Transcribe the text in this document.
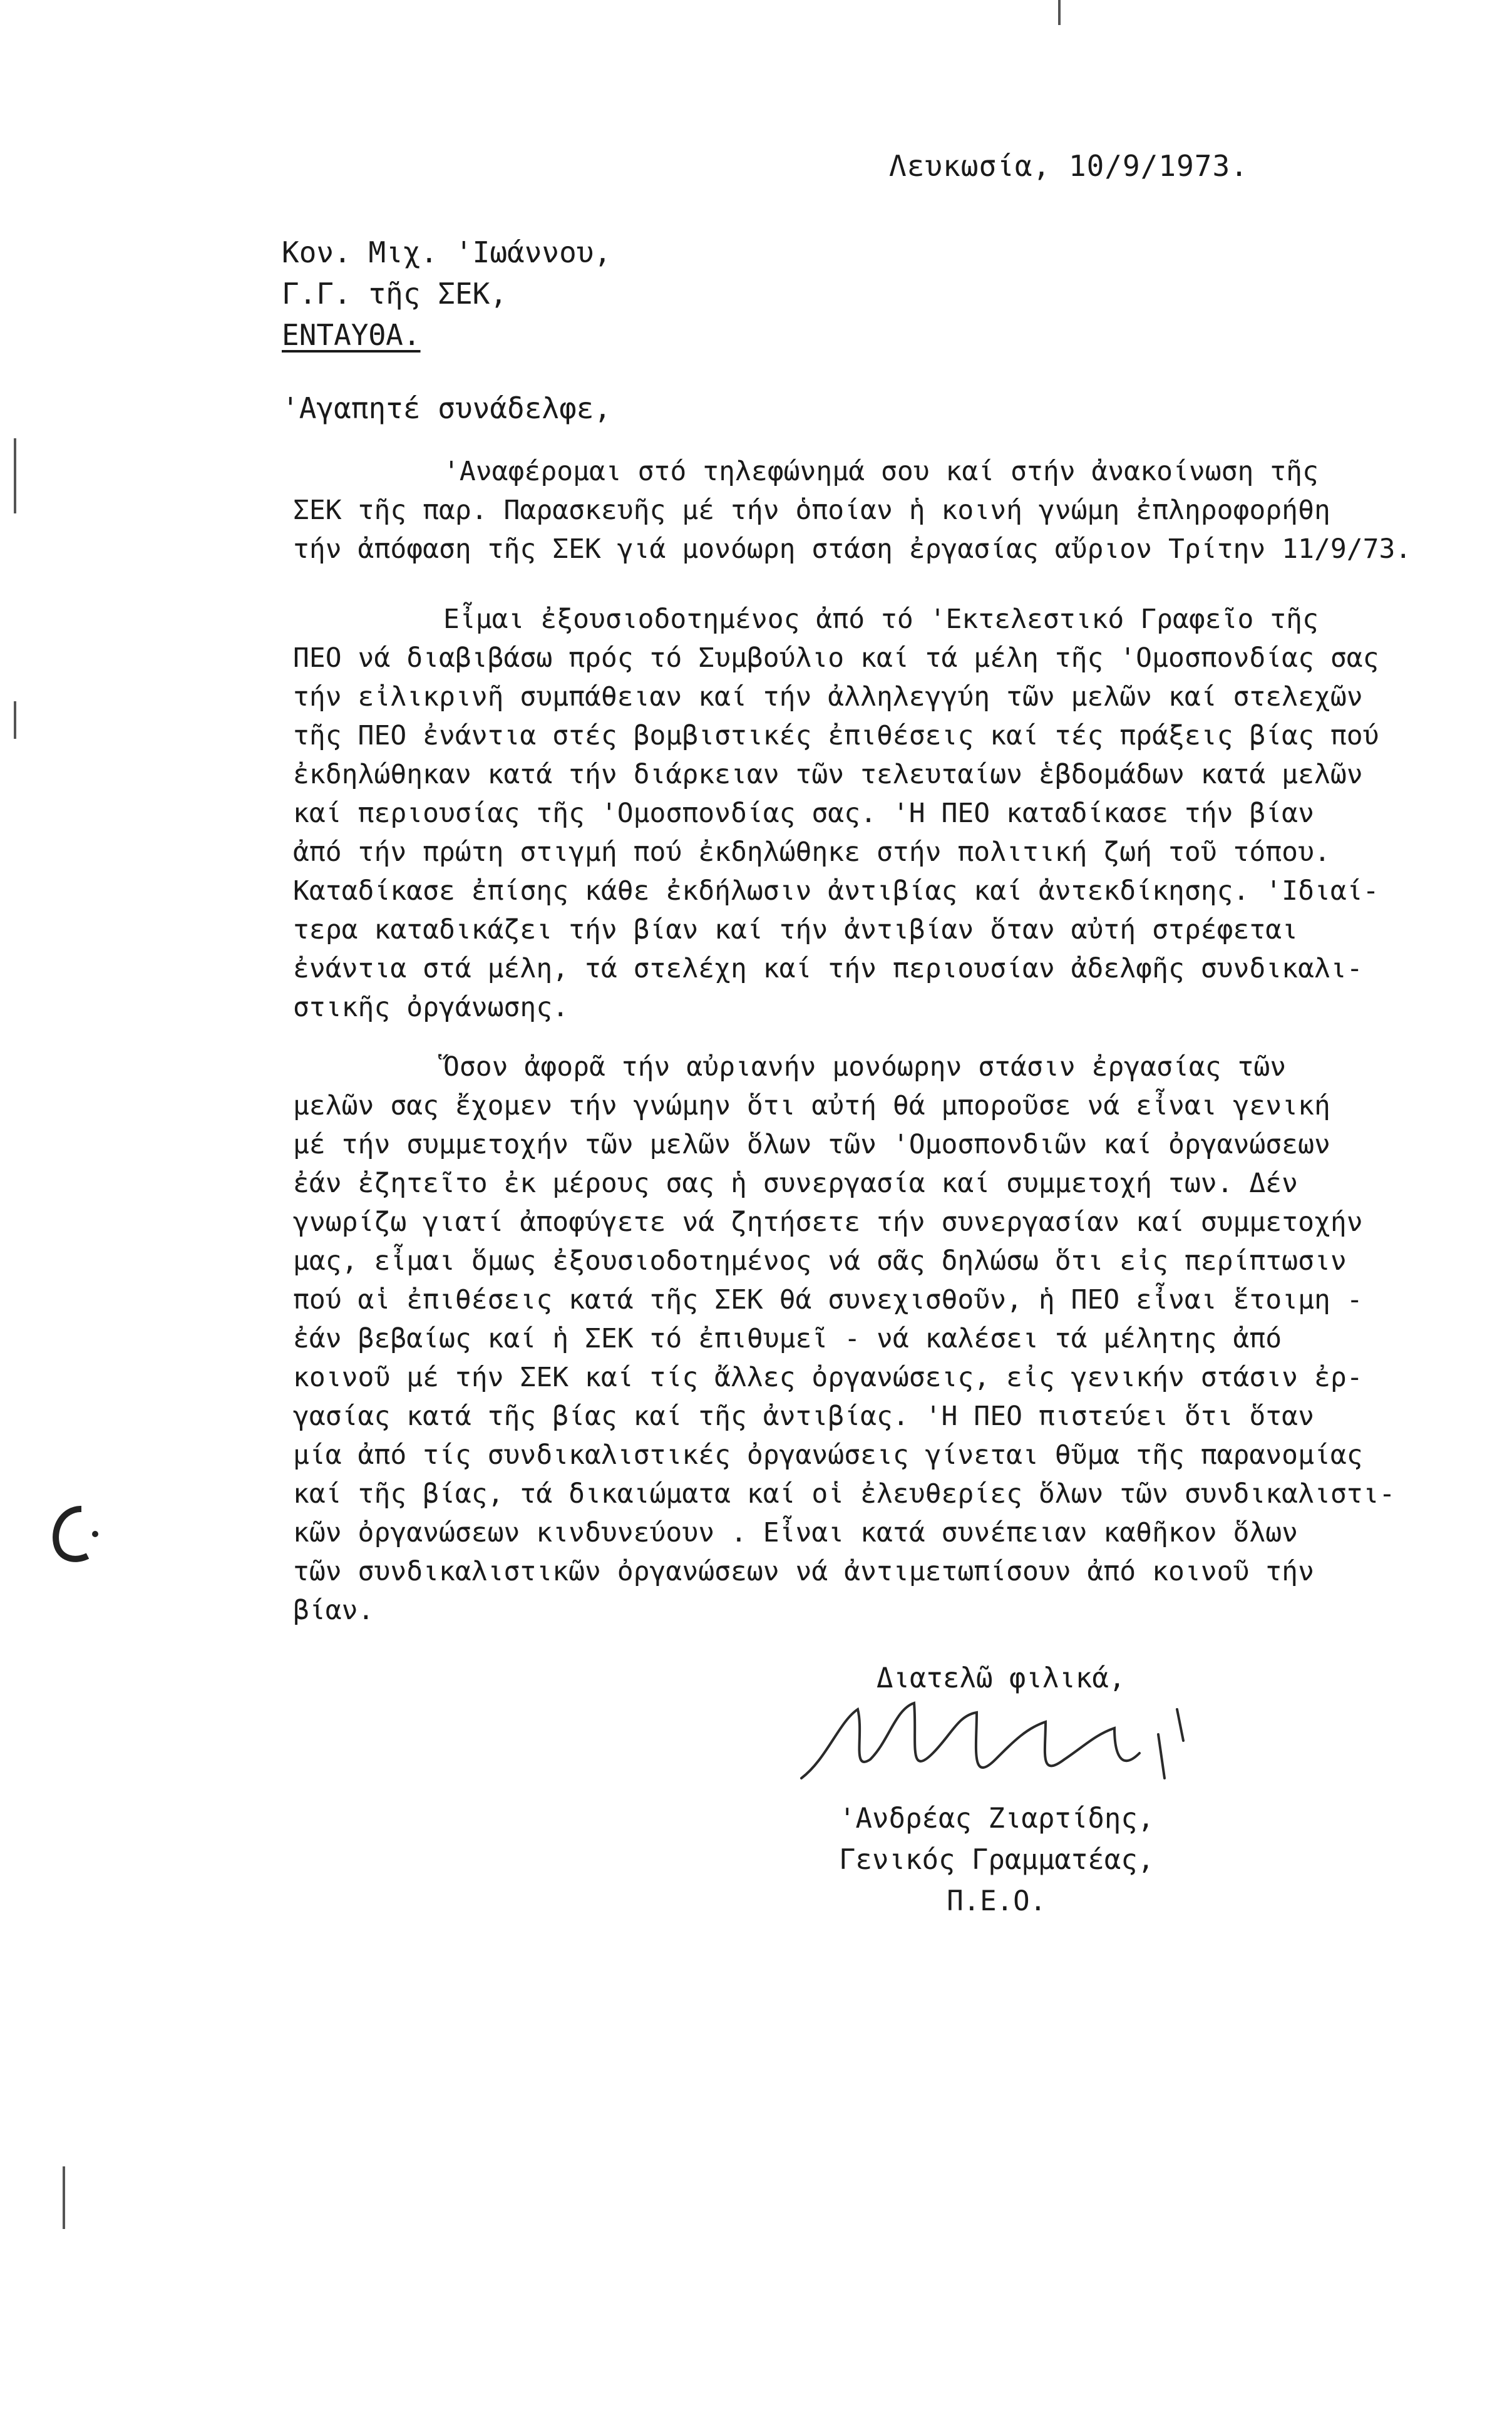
Λευκωσία, 10/9/1973.
Κον. Μιχ. 'Ιωάννου,
Γ.Γ. τῆς ΣΕΚ,
ΕΝΤΑΥΘΑ.
'Αγαπητέ συνάδελφε,
'Αναφέρομαι στό τηλεφώνημά σου καί στήν ἀνακοίνωση τῆς
ΣΕΚ τῆς παρ. Παρασκευῆς μέ τήν ὁποίαν ἡ κοινή γνώμη ἐπληροφορήθη
τήν ἀπόφαση τῆς ΣΕΚ γιά μονόωρη στάση ἐργασίας αὔριον Τρίτην 11/9/73.
Εἶμαι ἐξουσιοδοτημένος ἀπό τό 'Εκτελεστικό Γραφεῖο τῆς
ΠΕΟ νά διαβιβάσω πρός τό Συμβούλιο καί τά μέλη τῆς 'Ομοσπονδίας σας
τήν εἰλικρινῆ συμπάθειαν καί τήν ἀλληλεγγύη τῶν μελῶν καί στελεχῶν
τῆς ΠΕΟ ἐνάντια στές βομβιστικές ἐπιθέσεις καί τές πράξεις βίας πού
ἐκδηλώθηκαν κατά τήν διάρκειαν τῶν τελευταίων ἑβδομάδων κατά μελῶν
καί περιουσίας τῆς 'Ομοσπονδίας σας. 'Η ΠΕΟ καταδίκασε τήν βίαν
ἀπό τήν πρώτη στιγμή πού ἐκδηλώθηκε στήν πολιτική ζωή τοῦ τόπου.
Καταδίκασε ἐπίσης κάθε ἐκδήλωσιν ἀντιβίας καί ἀντεκδίκησης. 'Ιδιαί-
τερα καταδικάζει τήν βίαν καί τήν ἀντιβίαν ὅταν αὐτή στρέφεται
ἐνάντια στά μέλη, τά στελέχη καί τήν περιουσίαν ἀδελφῆς συνδικαλι-
στικῆς ὀργάνωσης.
Ὅσον ἀφορᾶ τήν αὐριανήν μονόωρην στάσιν ἐργασίας τῶν
μελῶν σας ἔχομεν τήν γνώμην ὅτι αὐτή θά μποροῦσε νά εἶναι γενική
μέ τήν συμμετοχήν τῶν μελῶν ὅλων τῶν 'Ομοσπονδιῶν καί ὀργανώσεων
ἐάν ἐζητεῖτο ἐκ μέρους σας ἡ συνεργασία καί συμμετοχή των. Δέν
γνωρίζω γιατί ἀποφύγετε νά ζητήσετε τήν συνεργασίαν καί συμμετοχήν
μας, εἶμαι ὅμως ἐξουσιοδοτημένος νά σᾶς δηλώσω ὅτι εἰς περίπτωσιν
πού αἱ ἐπιθέσεις κατά τῆς ΣΕΚ θά συνεχισθοῦν, ἡ ΠΕΟ εἶναι ἕτοιμη -
ἐάν βεβαίως καί ἡ ΣΕΚ τό ἐπιθυμεῖ - νά καλέσει τά μέλητης ἀπό
κοινοῦ μέ τήν ΣΕΚ καί τίς ἄλλες ὀργανώσεις, εἰς γενικήν στάσιν ἐρ-
γασίας κατά τῆς βίας καί τῆς ἀντιβίας. 'Η ΠΕΟ πιστεύει ὅτι ὅταν
μία ἀπό τίς συνδικαλιστικές ὀργανώσεις γίνεται θῦμα τῆς παρανομίας
καί τῆς βίας, τά δικαιώματα καί οἱ ἐλευθερίες ὅλων τῶν συνδικαλιστι-
κῶν ὀργανώσεων κινδυνεύουν . Εἶναι κατά συνέπειαν καθῆκον ὅλων
τῶν συνδικαλιστικῶν ὀργανώσεων νά ἀντιμετωπίσουν ἀπό κοινοῦ τήν
βίαν.
Διατελῶ φιλικά,
'Ανδρέας Ζιαρτίδης,
Γενικός Γραμματέας,
Π.Ε.Ο.
